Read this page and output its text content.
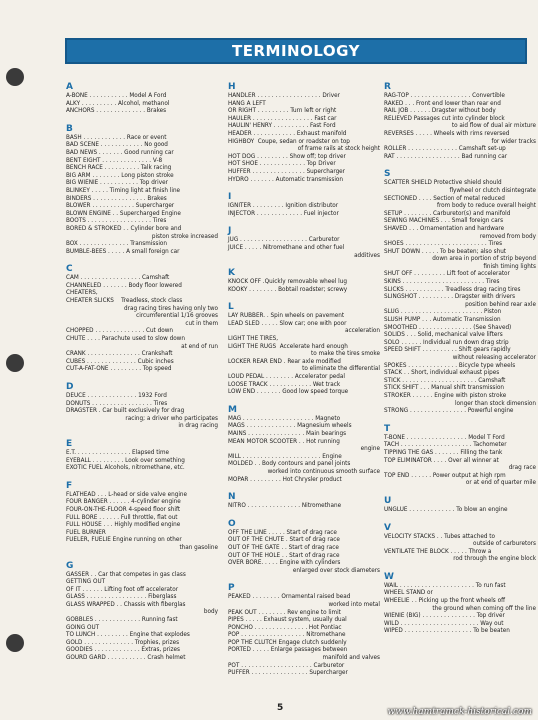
TERMINOLOGY
A
A-BONE . . . . . . . . . . . Model A Ford
ALKY . . . . . . . . . . Alcohol, methanol
ANCHORS . . . . . . . . . . . . . . Brakes
B
BASH . . . . . . . . . . . . Race or event
BAD SCENE . . . . . . . . . . . . No good
BAD NEWS . . . . . . . Good running car
BENT EIGHT . . . . . . . . . . . . . . V-8
BENCH RACE . . . . . . . . . . Talk racing
BIG ARM . . . . . . . . Long piston stroke
BIG WIENIE . . . . . . . . . . . Top driver
BLINKEY . . . . . Timing light at finish line
BINDERS . . . . . . . . . . . . . . . Brakes
BLOWER . . . . . . . . . . . . Supercharger
BLOWN ENGINE . . Supercharged Engine
BOOTS . . . . . . . . . . . . . . . . . . Tires
BORED & STROKED . . Cylinder bore and
piston stroke increased
BOX . . . . . . . . . . . . . . Transmission
BUMBLE-BEES . . . . . A small foreign car
C
CAM . . . . . . . . . . . . . . . . . Camshaft
CHANNELED . . . . . . . Body floor lowered
CHEATERS,
CHEATER SLICKS    Treadless, stock class
drag racing tires having only two
circumferential 1/16 grooves
cut in them
CHOPPED . . . . . . . . . . . . . . Cut down
CHUTE . . . . Parachute used to slow down
at end of run
CRANK . . . . . . . . . . . . . . . Crankshaft
CUBES . . . . . . . . . . . . . . Cubic inches
CUT-A-FAT-ONE . . . . . . . . . Top speed
D
DEUCE . . . . . . . . . . . . . . 1932 Ford
DONUTS . . . . . . . . . . . . . . . . . Tires
DRAGSTER . Car built exclusively for drag
racing; a driver who participates
in drag racing
E
E.T. . . . . . . . . . . . . . . . Elapsed time
EYEBALL . . . . . . . . . Look over something
EXOTIC FUEL Alcohols, nitromethane, etc.
F
FLATHEAD . . . L-head or side valve engine
FOUR BANGER . . . . . . 4-cylinder engine
FOUR-ON-THE-FLOOR 4-speed floor shift
FULL BORE . . . . . . Full throttle, flat out
FULL HOUSE . . . Highly modified engine
FUEL BURNER
FUELER, FUELIE Engine running on other
than gasoline
G
GASSER . . Car that competes in gas class
GETTING OUT
OF IT . . . . . . Lifting foot off accelerator
GLASS . . . . . . . . . . . . . . . . . Fiberglass
GLASS WRAPPED . . Chassis with fiberglas
body
GOBBLES . . . . . . . . . . . . . Running fast
GOING OUT
TO LUNCH . . . . . . . . . Engine that explodes
GOLD . . . . . . . . . . . . . . Trophies, prizes
GOODIES . . . . . . . . . . . . . Extras, prizes
GOURD GARD . . . . . . . . . . . Crash helmet
H
HANDLER . . . . . . . . . . . . . . . . . . Driver
HANG A LEFT
OR RIGHT . . . . . . . . . Turn left or right
HAULER . . . . . . . . . . . . . . . . . Fast car
HAULIN' HENRY . . . . . . . . . . Fast Ford
HEADER . . . . . . . . . . . . Exhaust manifold
HIGHBOY  Coupe, sedan or roadster on top
of frame rails at stock height
HOT DOG . . . . . . . . . Show off; top driver
HOT SHOE . . . . . . . . . . . . . Top Driver
HUFFER . . . . . . . . . . . . . . . Supercharger
HYDRO . . . . . . . Automatic transmission
I
IGNITER . . . . . . . . . Ignition distributor
INJECTOR . . . . . . . . . . . . . Fuel injector
J
JUG . . . . . . . . . . . . . . . . . . . Carburetor
JUICE . . . . . Nitromethane and other fuel
additives
K
KNOCK OFF .Quickly removable wheel lug
KOOKY . . . . . . . . Bobtail roadster; screwy
L
LAY RUBBER. . Spin wheels on pavement
LEAD SLED . . . . . Slow car; one with poor
acceleration
LIGHT THE TIRES,
LIGHT THE RUGS  Accelerate hard enough
to make the tires smoke
LOCKER REAR END . Rear axle modified
to eliminate the differential
LOUD PEDAL . . . . . . . . Accelerator pedal
LOOSE TRACK . . . . . . . . . . . . Wet track
LOW END . . . . . . . Good low speed torque
M
MAG . . . . . . . . . . . . . . . . . . . . Magneto
MAGS . . . . . . . . . . . . . . Magnesium wheels
MAINS . . . . . . . . . . . . . . . . Main bearings
MEAN MOTOR SCOOTER . . Hot running
engine
MILL . . . . . . . . . . . . . . . . . . . . . . Engine
MOLDED . . Body contours and panel joints
worked into continuous smooth surface
MOPAR . . . . . . . . . Hot Chrysler product
N
NITRO . . . . . . . . . . . . . . . Nitromethane
O
OFF THE LINE . . . . . Start of drag race
OUT OF THE CHUTE . Start of drag race
OUT OF THE GATE . . Start of drag race
OUT OF THE HOLE . . Start of drag race
OVER BORE. . . . . Engine with cylinders
enlarged over stock diameters
P
PEAKED . . . . . . . . Ornamental raised bead
worked into metal
PEAK OUT . . . . . . . . Rev engine to limit
PIPES . . . . . Exhaust system, usually dual
PONCHO . . . . . . . . . . . . . . . Hot Pontiac
POP . . . . . . . . . . . . . . . . . . Nitromethane
POP THE CLUTCH Engage clutch suddenly
PORTED . . . . . Enlarge passages between
manifold and valves
POT . . . . . . . . . . . . . . . . . . . . Carburetor
PUFFER . . . . . . . . . . . . . . . . Supercharger
R
RAG-TOP . . . . . . . . . . . . . . . . . Convertible
RAKED . . . Front end lower than rear end
RAIL JOB . . . . . . Dragster without body
RELIEVED Passages cut into cylinder block
to aid flow of dual air mixture
REVERSES . . . . . Wheels with rims reversed
for wider tracks
ROLLER . . . . . . . . . . . . . . Camshaft set-up
RAT . . . . . . . . . . . . . . . . . . Bad running car
S
SCATTER SHIELD Protective shield should
flywheel or clutch disintegrate
SECTIONED . . . . Section of metal reduced
from body to reduce overall height
SETUP . . . . . . . . Carburetor(s) and manifold
SEWING MACHINES . . . Small foreign cars
SHAVED . . . Ornamentation and hardware
removed from body
SHOES . . . . . . . . . . . . . . . . . . . . . . . Tires
SHUT DOWN . . . . . To be beaten; also shut
down area in portion of strip beyond
finish timing lights
SHUT OFF . . . . . . . . . Lift foot of accelerator
SKINS . . . . . . . . . . . . . . . . . . . . . . . Tires
SLICKS . . . . . . . . . . . Treadless drag racing tires
SLINGSHOT . . . . . . . . . . Dragster with drivers
position behind rear axle
SLUG . . . . . . . . . . . . . . . . . . . . . . . Piston
SLUSH PUMP . . . Automatic Transmission
SMOOTHED . . . . . . . . . . . . . . . (See Shaved)
SOLIDS . . . Solid, mechanical valve lifters
SOLO . . . . . . Individual run down drag strip
SPEED SHIFT . . . . . . . . . . Shift gears rapidly
without releasing accelerator
SPOKES . . . . . . . . . . . . . . Bicycle type wheels
STACK . . Short, individual exhaust pipes
STICK . . . . . . . . . . . . . . . . . . . . . Camshaft
STICK SHIFT . . . Manual shift transmission
STROKER . . . . . . Engine with piston stroke
longer than stock dimension
STRONG . . . . . . . . . . . . . . . . Powerful engine
T
T-BONE . . . . . . . . . . . . . . . . . Model T Ford
TACH . . . . . . . . . . . . . . . . . . . . Tachometer
TIPPING THE GAS . . . . . . . Filling the tank
TOP ELIMINATOR . . . . Over all winner at
drag race
TOP END . . . . . . Power output at high rpm
or at end of quarter mile
U
UNGLUE . . . . . . . . . . . . . To blow an engine
V
VELOCITY STACKS . . Tubes attached to
outside of carburetors
VENTILATE THE BLOCK . . . . . Throw a
rod through the engine block
W
WAIL . . . . . . . . . . . . . . . . . . . . . To run fast
WHEEL STAND or
WHEELIE . . Picking up the front wheels off
the ground when coming off the line
WIENIE (BIG) . . . . . . . . . . . . . . . Top driver
WILD . . . . . . . . . . . . . . . . . . . . . . Way out
WIPED . . . . . . . . . . . . . . . . . . . To be beaten
5	www.hamtramck-historical.com
